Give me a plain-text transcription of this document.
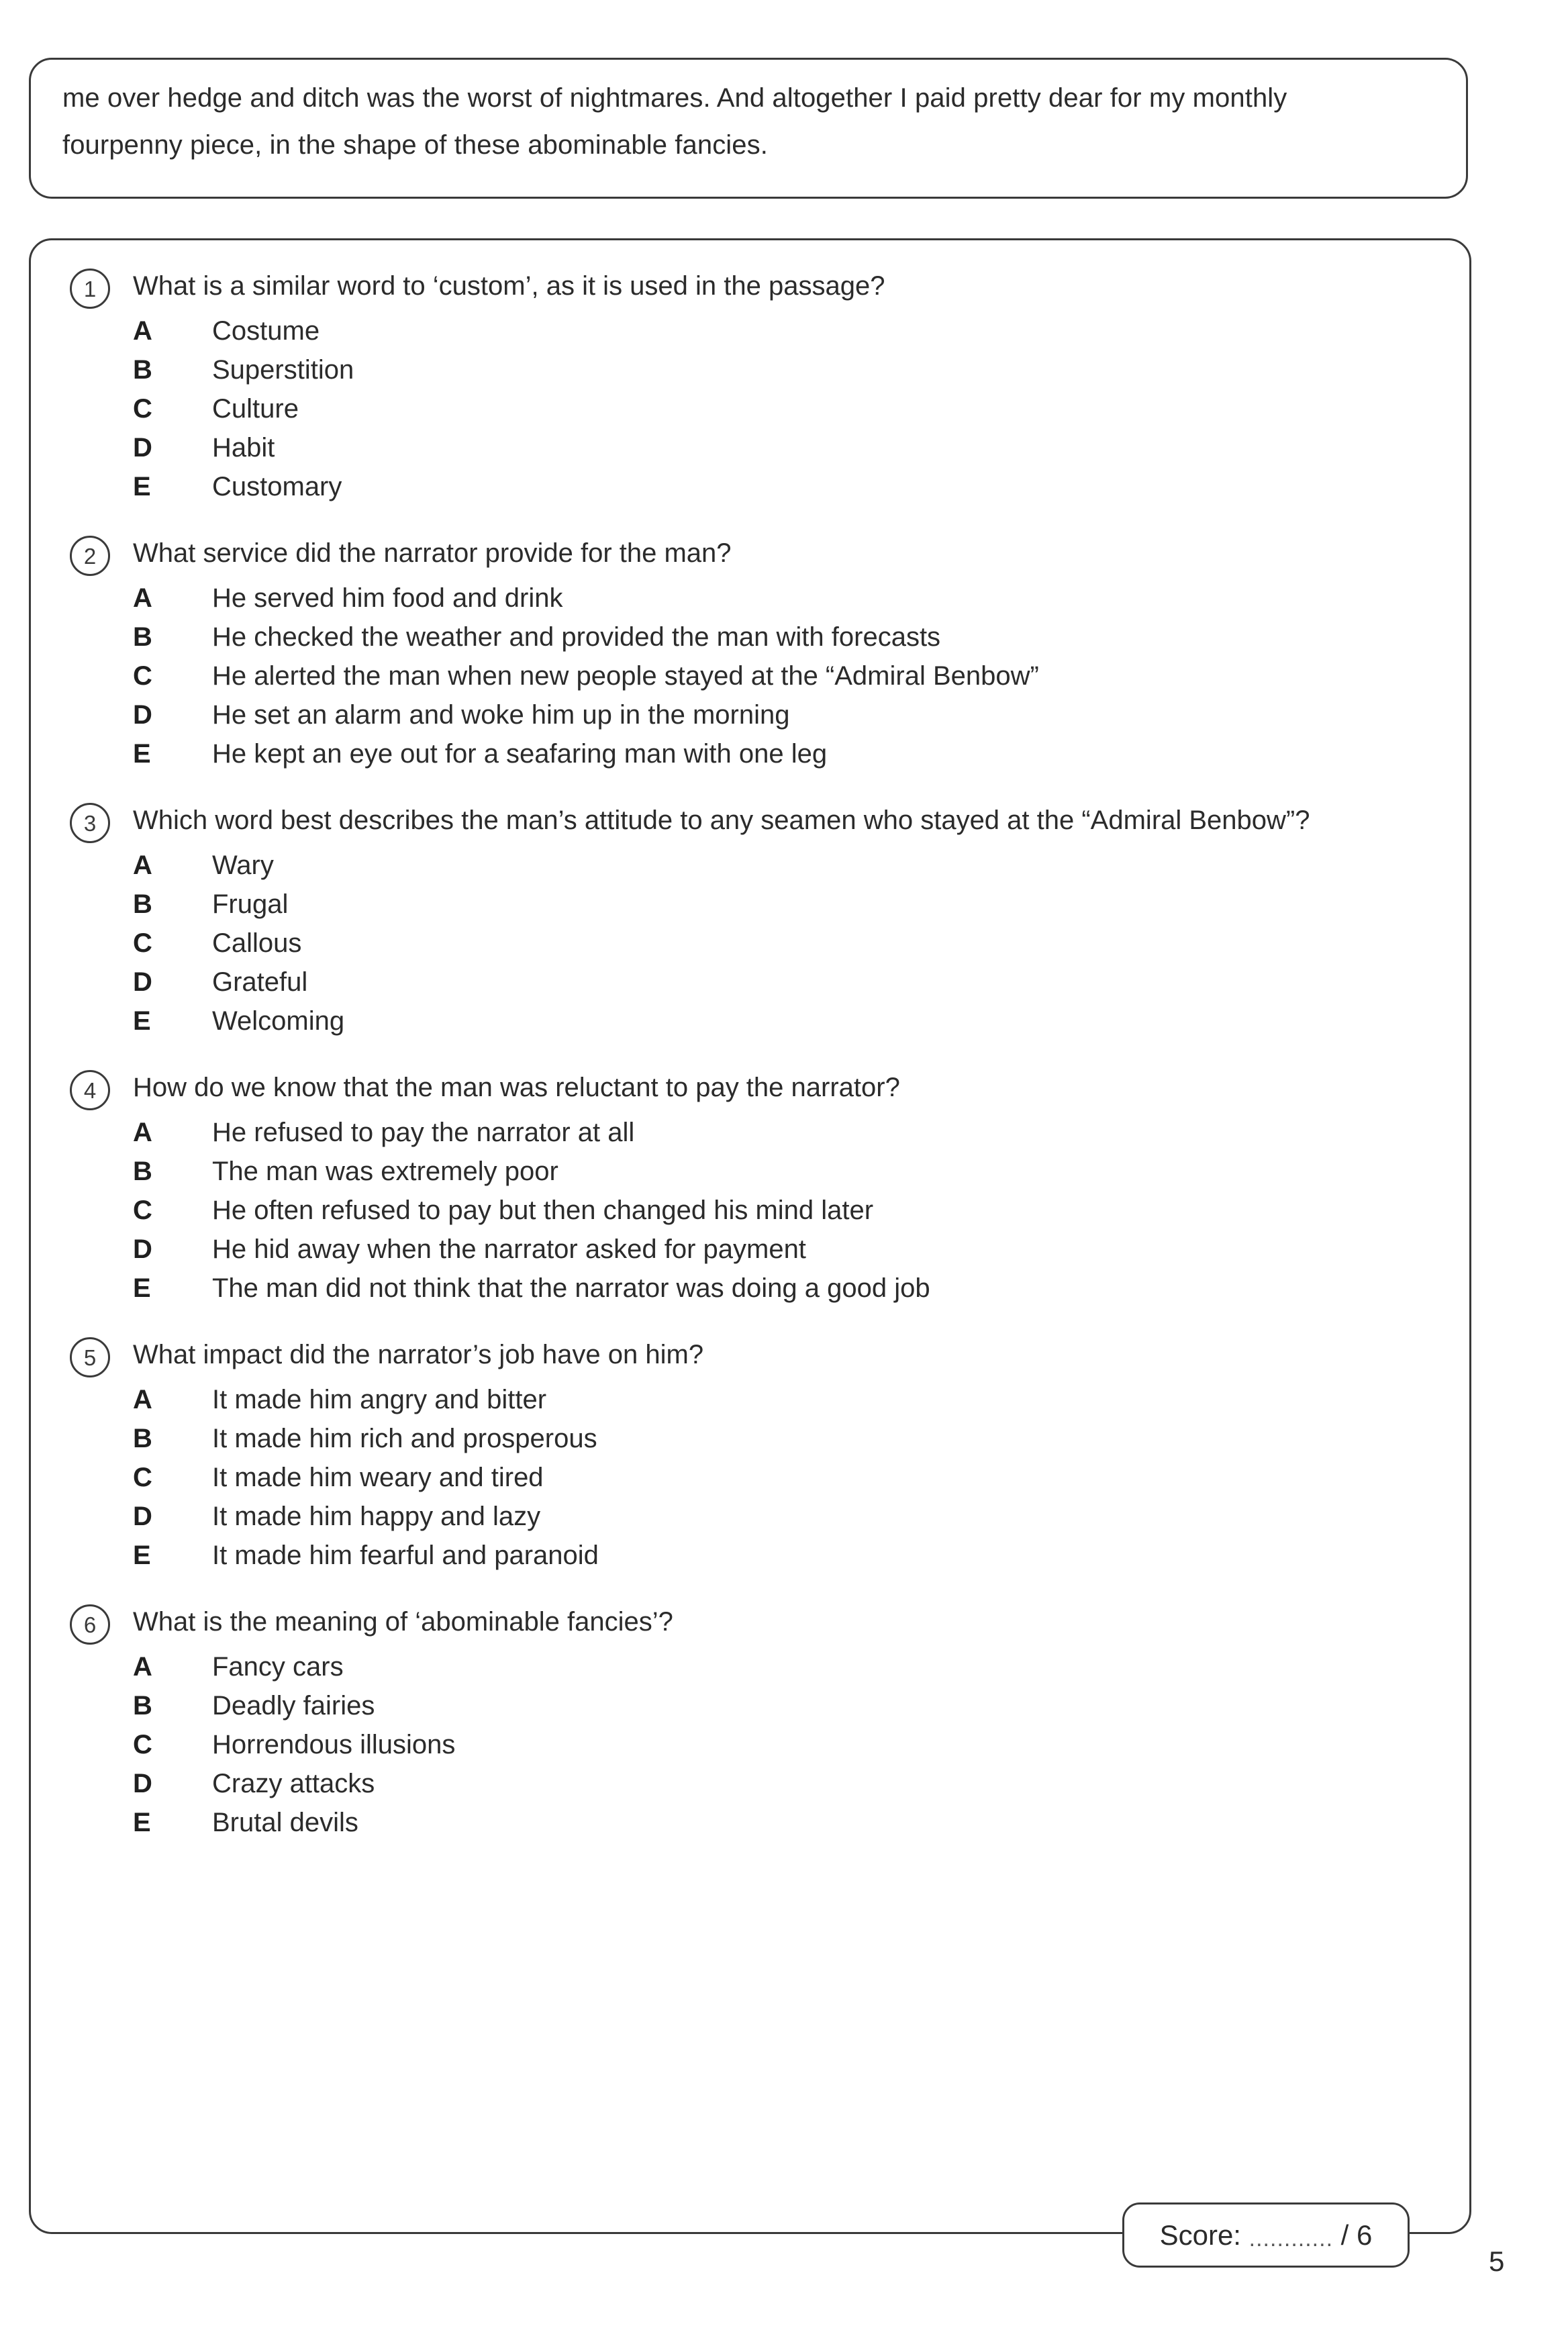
me over hedge and ditch was the worst of nightmares. And altogether I paid pretty dear for my monthly fourpenny piece, in the shape of these abominable fancies.
1	What is a similar word to ‘custom’, as it is used in the passage?

A Costume
B Superstition
C Culture
D Habit
E Customary
2	What service did the narrator provide for the man?

A He served him food and drink
B He checked the weather and provided the man with forecasts
C He alerted the man when new people stayed at the “Admiral Benbow”
D He set an alarm and woke him up in the morning
E He kept an eye out for a seafaring man with one leg
3	Which word best describes the man’s attitude to any seamen who stayed at the “Admiral Benbow”?

A Wary
B Frugal
C Callous
D Grateful
E Welcoming
4	How do we know that the man was reluctant to pay the narrator?

A He refused to pay the narrator at all
B The man was extremely poor
C He often refused to pay but then changed his mind later
D He hid away when the narrator asked for payment
E The man did not think that the narrator was doing a good job
5	What impact did the narrator’s job have on him?

A It made him angry and bitter
B It made him rich and prosperous
C It made him weary and tired
D It made him happy and lazy
E It made him fearful and paranoid
6	What is the meaning of ‘abominable fancies’?

A Fancy cars
B Deadly fairies
C Horrendous illusions
D Crazy attacks
E Brutal devils
Score: ............ / 6
5
